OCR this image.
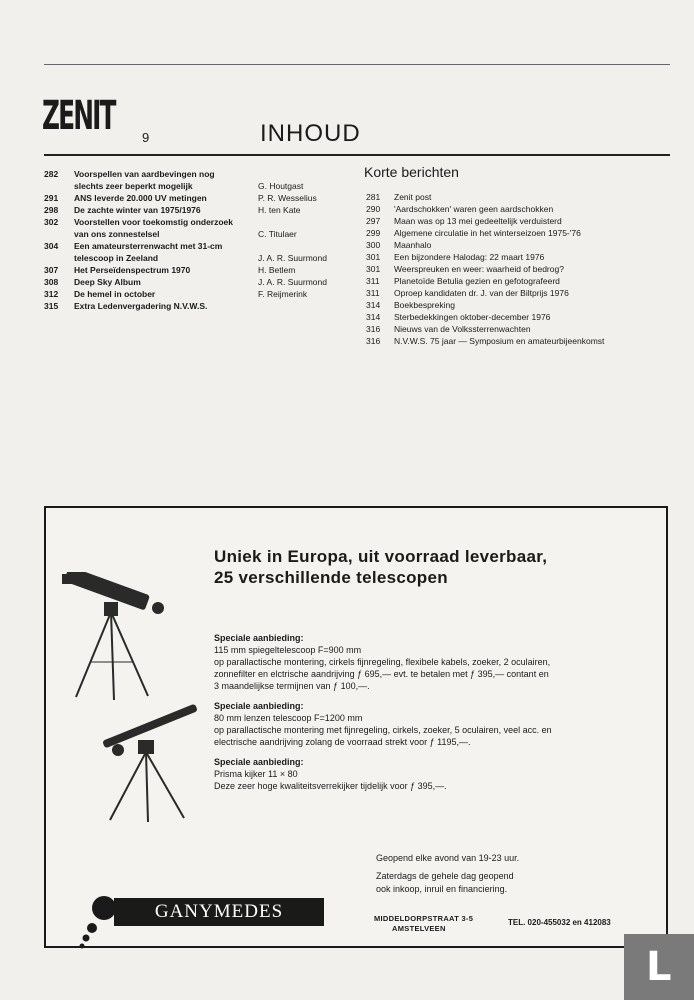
ZENIT 9	INHOUD
282	Voorspellen van aardbevingen nog
slechts zeer beperkt mogelijk	G. Houtgast
291	ANS leverde 20.000 UV metingen	P. R. Wesselius
298	De zachte winter van 1975/1976	H. ten Kate
302	Voorstellen voor toekomstig onderzoek
van ons zonnestelsel	C. Titulaer
304	Een amateursterrenwacht met 31-cm
telescoop in Zeeland	J. A. R. Suurmond
307	Het Perseïdenspectrum 1970	H. Betlem
308	Deep Sky Album	J. A. R. Suurmond
312	De hemel in october	F. Reijmerink
315	Extra Ledenvergadering N.V.W.S.
Korte berichten
281	Zenit post
290	'Aardschokken' waren geen aardschokken
297	Maan was op 13 mei gedeeltelijk verduisterd
299	Algemene circulatie in het winterseizoen 1975-'76
300	Maanhalo
301	Een bijzondere Halodag: 22 maart 1976
301	Weerspreuken en weer: waarheid of bedrog?
311	Planetoïde Betulia gezien en gefotografeerd
311	Oproep kandidaten dr. J. van der Biltprijs 1976
314	Boekbespreking
314	Sterbedekkingen oktober-december 1976
316	Nieuws van de Volkssterrenwachten
316	N.V.W.S. 75 jaar — Symposium en amateurbijeenkomst
Uniek in Europa, uit voorraad leverbaar,
25 verschillende telescopen
Speciale aanbieding:
115 mm spiegeltelescoop F=900 mm
op parallactische montering, cirkels fijnregeling, flexibele kabels, zoeker, 2 oculairen,
zonnefilter en elctrische aandrijving ƒ 695,— evt. te betalen met ƒ 395,— contant en
3 maandelijkse termijnen van ƒ 100,—.
Speciale aanbieding:
80 mm lenzen telescoop F=1200 mm
op parallactische montering met fijnregeling, cirkels, zoeker, 5 oculairen, veel acc. en
electrische aandrijving zolang de voorraad strekt voor ƒ 1195,—.
Speciale aanbieding:
Prisma kijker 11 × 80
Deze zeer hoge kwaliteitsverrekijker tijdelijk voor ƒ 395,—.
Geopend elke avond van 19-23 uur.
Zaterdags de gehele dag geopend
ook inkoop, inruil en financiering.
GANYMEDES	MIDDELDORPSTRAAT 3-5
AMSTELVEEN
TEL. 020-455032 en 412083
L
